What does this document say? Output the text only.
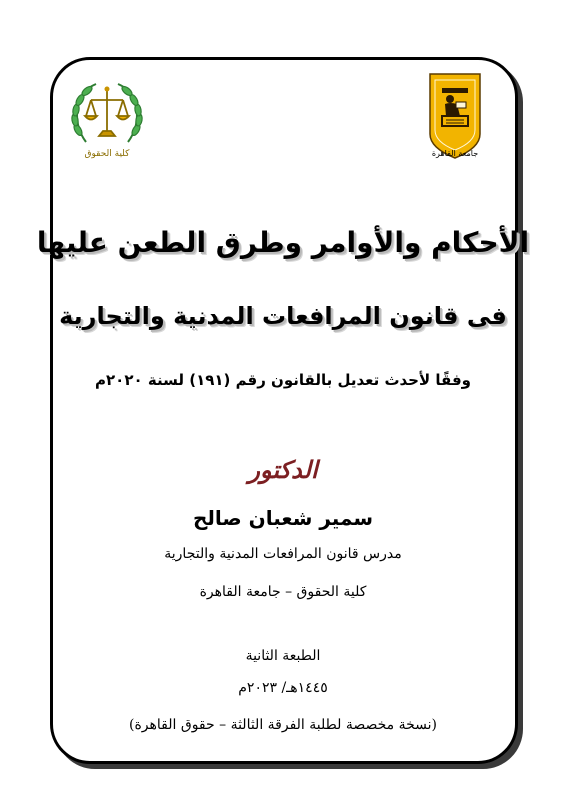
جامعة القاهرة
كلية الحقوق
الأحكام والأوامر وطرق الطعن عليها
فى قانون المرافعات المدنية والتجارية
وفقًا لأحدث تعديل بالقانون رقم (١٩١) لسنة ٢٠٢٠م
الدكتور
سمير شعبان صالح
مدرس قانون المرافعات المدنية والتجارية
كلية الحقوق – جامعة القاهرة
الطبعة الثانية
١٤٤٥هـ/ ٢٠٢٣م
(نسخة مخصصة لطلبة الفرقة الثالثة – حقوق القاهرة)
